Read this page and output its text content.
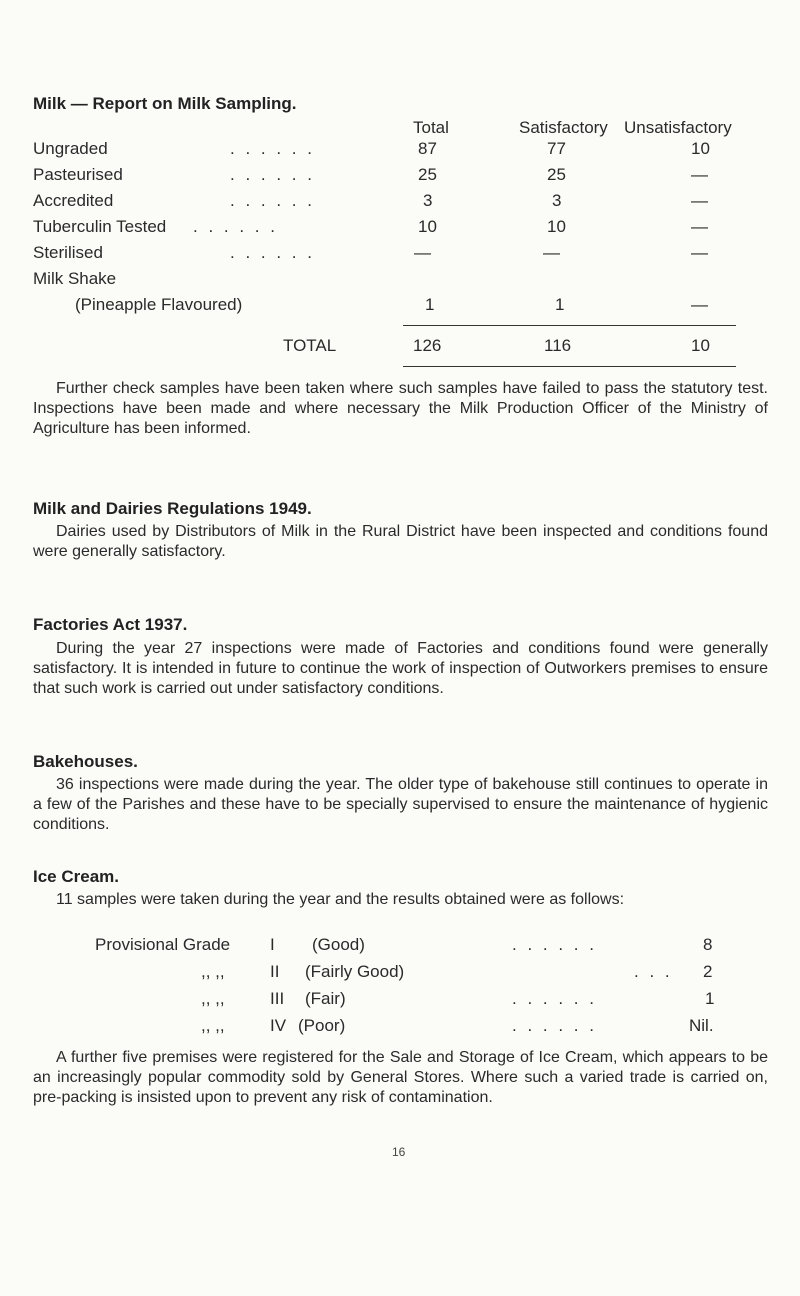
Milk — Report on Milk Sampling.
Total	Satisfactory Unsatisfactory
Ungraded	. . . . . .	87	77	10
Pasteurised	. . . . . .	25	25	—
Accredited	. . . . . .	3	3	—
Tuberculin Tested . . . . . .	10	10	—
Sterilised	. . . . . .	—	—	—
Milk Shake
(Pineapple Flavoured)	1	1	—
TOTAL	126	116	10
Further check samples have been taken where such samples have failed to pass the statutory test. Inspections have been made and where necessary the Milk Production Officer of the Ministry of Agriculture has been informed.
Milk and Dairies Regulations 1949.
Dairies used by Distributors of Milk in the Rural District have been inspected and conditions found were generally satisfactory.
Factories Act 1937.
During the year 27 inspections were made of Factories and conditions found were generally satisfactory. It is intended in future to continue the work of inspection of Outworkers premises to ensure that such work is carried out under satisfactory conditions.
Bakehouses.
36 inspections were made during the year. The older type of bakehouse still continues to operate in a few of the Parishes and these have to be specially supervised to ensure the maintenance of hygienic conditions.
Ice Cream.
11 samples were taken during the year and the results obtained were as follows:
Provisional Grade I (Good)	. . . . . .	8
,, ,,	II (Fairly Good)	. . . 2
,, ,,	III (Fair)	. . . . . .	1
,, ,,	IV (Poor)	. . . . . .	Nil.
A further five premises were registered for the Sale and Storage of Ice Cream, which appears to be an increasingly popular commodity sold by General Stores. Where such a varied trade is carried on, pre-packing is insisted upon to prevent any risk of contamination.
16
